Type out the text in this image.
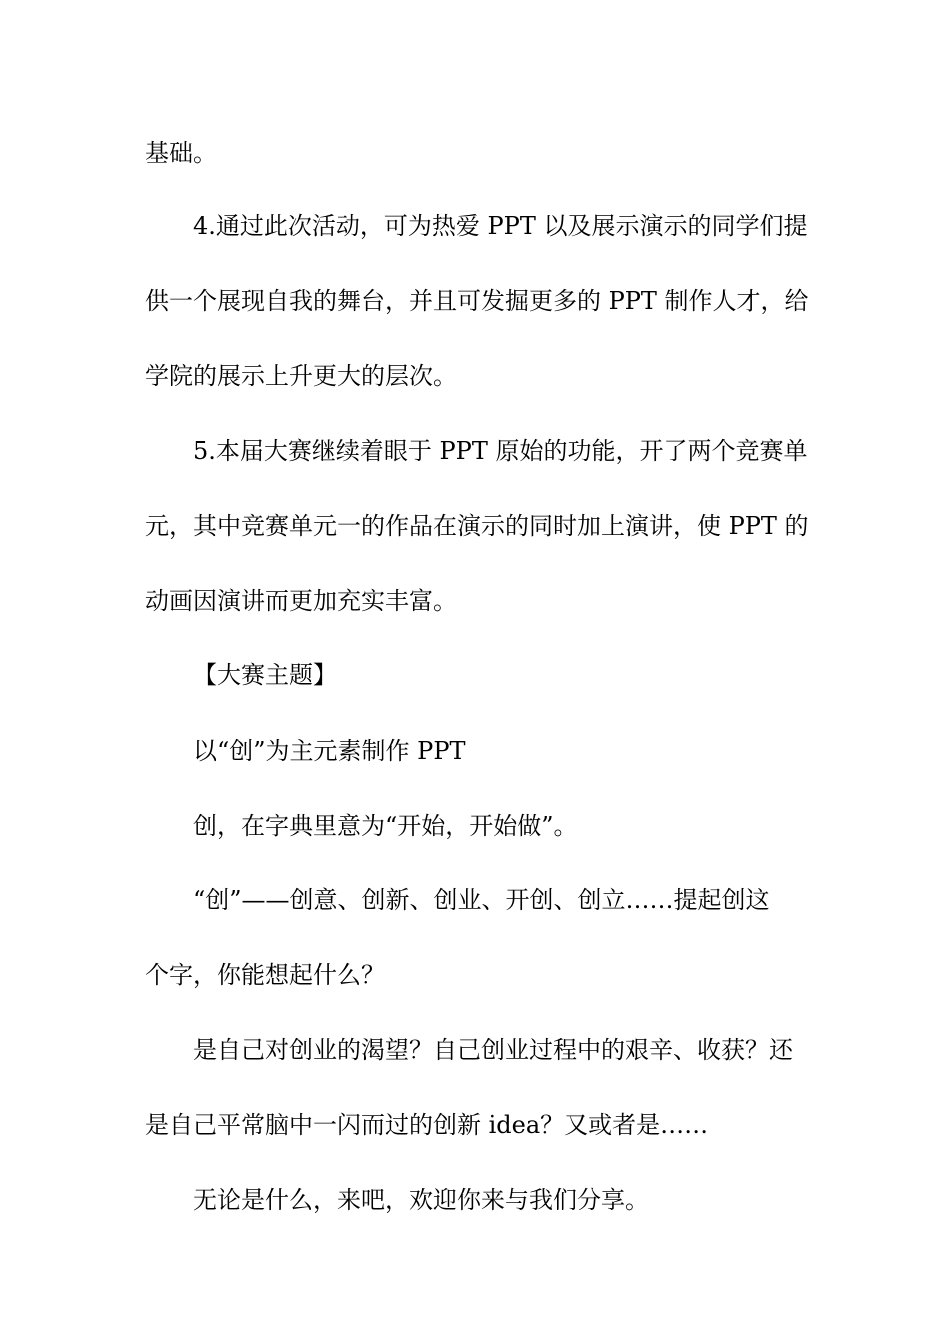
基础。
4.通过此次活动，可为热爱 PPT 以及展示演示的同学们提
供一个展现自我的舞台，并且可发掘更多的 PPT 制作人才，给
学院的展示上升更大的层次。
5.本届大赛继续着眼于 PPT 原始的功能，开了两个竞赛单
元，其中竞赛单元一的作品在演示的同时加上演讲，使 PPT 的
动画因演讲而更加充实丰富。
【大赛主题】
以“创”为主元素制作 PPT
创，在字典里意为“开始，开始做”。
“创”——创意、创新、创业、开创、创立……提起创这
个字，你能想起什么？
是自己对创业的渴望？自己创业过程中的艰辛、收获？还
是自己平常脑中一闪而过的创新 idea？又或者是……
无论是什么，来吧，欢迎你来与我们分享。
